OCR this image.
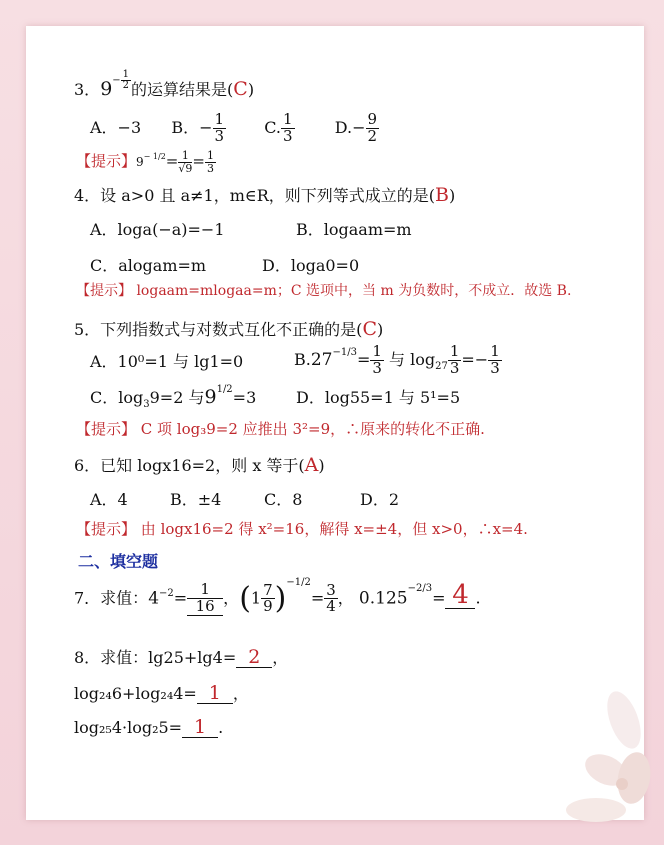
3．$9^{- \frac{1}{2}}$ 的运算结果是(C)
A．−3 B．− $\frac{1}{3} C$. $\frac{1}{3}$	$D.- \frac{9}{2}$
【提示】$9^{- 1/2}= \frac{1}{√9} = \frac{1}{3}$
4．设 a>0 且 a≠1，m∈R，则下列等式成立的是(B)
A．loga(−a)=−1	B．logaam=m
C．alogam=m	D．loga0=0
【提示】 logaam=mlogaa=m；C 选项中，当 m 为负数时，不成立．故选 B.
5．下列指数式与对数式互化不正确的是(C)
A．10⁰=1 与 lg1=0	$B.27^{-1/3}= \frac{1}{3}$ 与 $\log_{27} \frac{1}{3} =- \frac{1}{3}$
C．$\log_39=2$ 与$9^{1/2}=3$ D．log55=1 与 5¹=5
【提示】 C 项 log₃9=2 应推出 3²=9，∴原来的转化不正确.
6．已知 logx16=2，则 x 等于(A)
A．4	B．±4	C．8	D．2
【提示】 由 logx16=2 得 x²=16，解得 x=±4，但 x>0，∴x=4.
二、填空题
7．求值：$4^{-2}= \frac{1}{16}$ ，$(1 \frac{7}{9} )^{-1/2}= \frac{3}{4}$ ， $0.125^{-2/3}= 4$ .
8．求值：lg25+lg4= 2 ，
log₂₄6+log₂₄4= 1 ，
log₂₅4·log₂5= 1 .
